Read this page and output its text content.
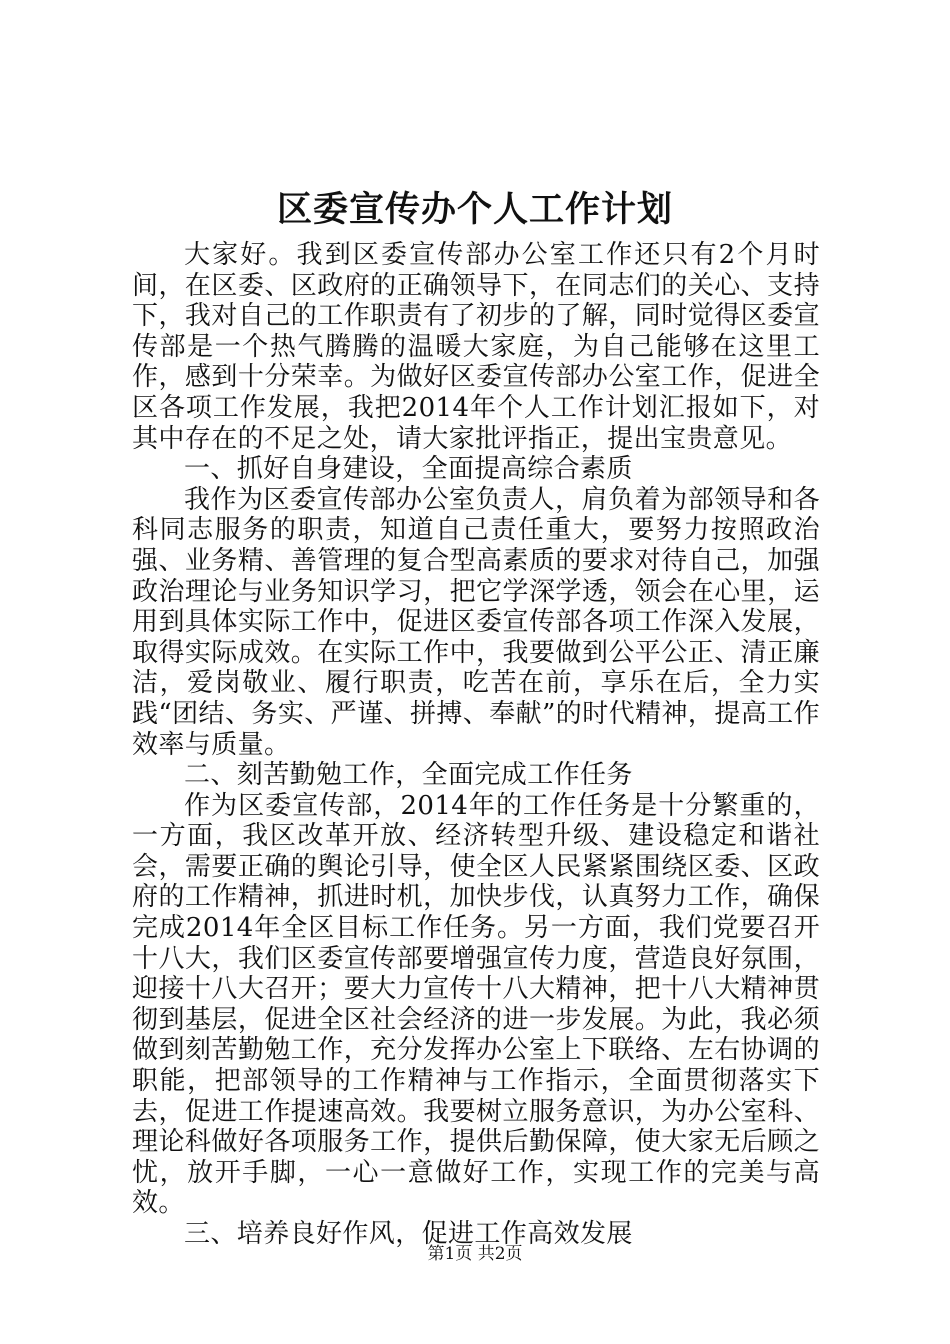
区委宣传办个人工作计划

大家好。我到区委宣传部办公室工作还只有2个月时间，在区委、区政府的正确领导下，在同志们的关心、支持下，我对自己的工作职责有了初步的了解，同时觉得区委宣传部是一个热气腾腾的温暖大家庭，为自己能够在这里工作，感到十分荣幸。为做好区委宣传部办公室工作，促进全区各项工作发展，我把2014年个人工作计划汇报如下，对其中存在的不足之处，请大家批评指正，提出宝贵意见。

一、抓好自身建设，全面提高综合素质

我作为区委宣传部办公室负责人，肩负着为部领导和各科同志服务的职责，知道自己责任重大，要努力按照政治强、业务精、善管理的复合型高素质的要求对待自己，加强政治理论与业务知识学习，把它学深学透，领会在心里，运用到具体实际工作中，促进区委宣传部各项工作深入发展，取得实际成效。在实际工作中，我要做到公平公正、清正廉洁，爱岗敬业、履行职责，吃苦在前，享乐在后，全力实践“团结、务实、严谨、拼搏、奉献”的时代精神，提高工作效率与质量。

二、刻苦勤勉工作，全面完成工作任务

作为区委宣传部，2014年的工作任务是十分繁重的，一方面，我区改革开放、经济转型升级、建设稳定和谐社会，需要正确的舆论引导，使全区人民紧紧围绕区委、区政府的工作精神，抓进时机，加快步伐，认真努力工作，确保完成2014年全区目标工作任务。另一方面，我们党要召开十八大，我们区委宣传部要增强宣传力度，营造良好氛围，迎接十八大召开；要大力宣传十八大精神，把十八大精神贯彻到基层，促进全区社会经济的进一步发展。为此，我必须做到刻苦勤勉工作，充分发挥办公室上下联络、左右协调的职能，把部领导的工作精神与工作指示，全面贯彻落实下去，促进工作提速高效。我要树立服务意识，为办公室科、理论科做好各项服务工作，提供后勤保障，使大家无后顾之忧，放开手脚，一心一意做好工作，实现工作的完美与高效。

三、培养良好作风，促进工作高效发展

第1页 共2页
